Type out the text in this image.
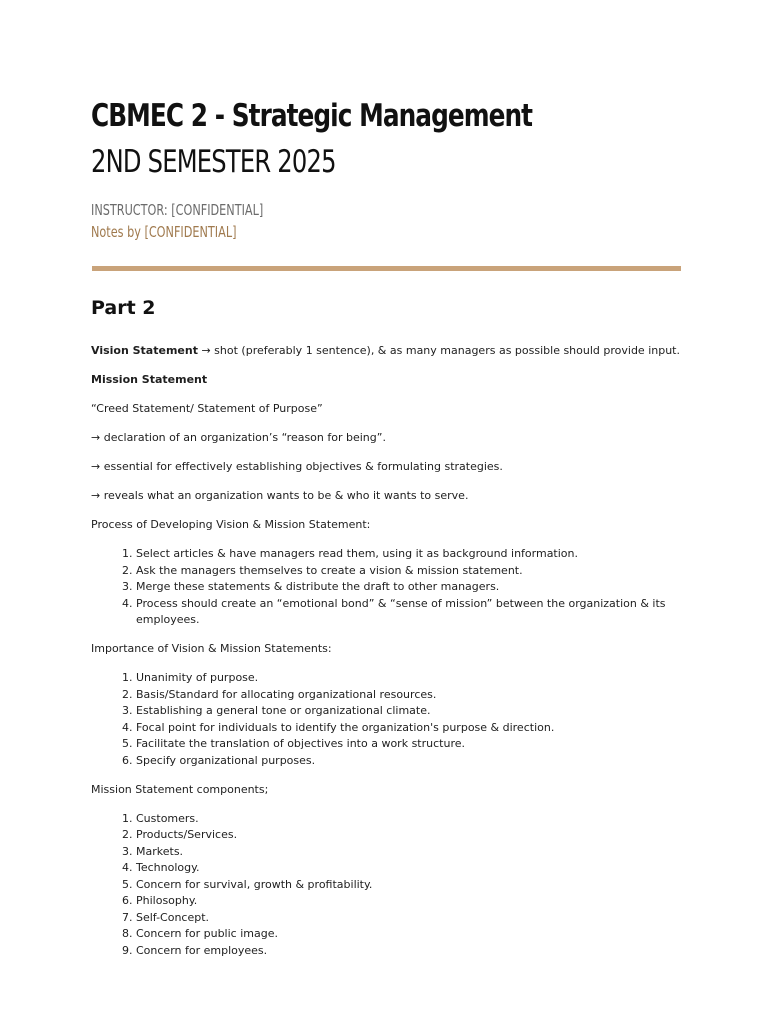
CBMEC 2 - Strategic Management
2ND SEMESTER 2025
INSTRUCTOR: [CONFIDENTIAL]
Notes by [CONFIDENTIAL]
Part 2

Vision Statement → shot (preferably 1 sentence), & as many managers as possible should provide input.

Mission Statement

“Creed Statement/ Statement of Purpose”

→ declaration of an organization’s “reason for being”.

→ essential for effectively establishing objectives & formulating strategies.

→ reveals what an organization wants to be & who it wants to serve.

Process of Developing Vision & Mission Statement:

1. Select articles & have managers read them, using it as background information.
2. Ask the managers themselves to create a vision & mission statement.
3. Merge these statements & distribute the draft to other managers.
4. Process should create an “emotional bond” & “sense of mission” between the organization & its employees.

Importance of Vision & Mission Statements:

1. Unanimity of purpose.
2. Basis/Standard for allocating organizational resources.
3. Establishing a general tone or organizational climate.
4. Focal point for individuals to identify the organization's purpose & direction.
5. Facilitate the translation of objectives into a work structure.
6. Specify organizational purposes.

Mission Statement components;

1. Customers.
2. Products/Services.
3. Markets.
4. Technology.
5. Concern for survival, growth & profitability.
6. Philosophy.
7. Self-Concept.
8. Concern for public image.
9. Concern for employees.
